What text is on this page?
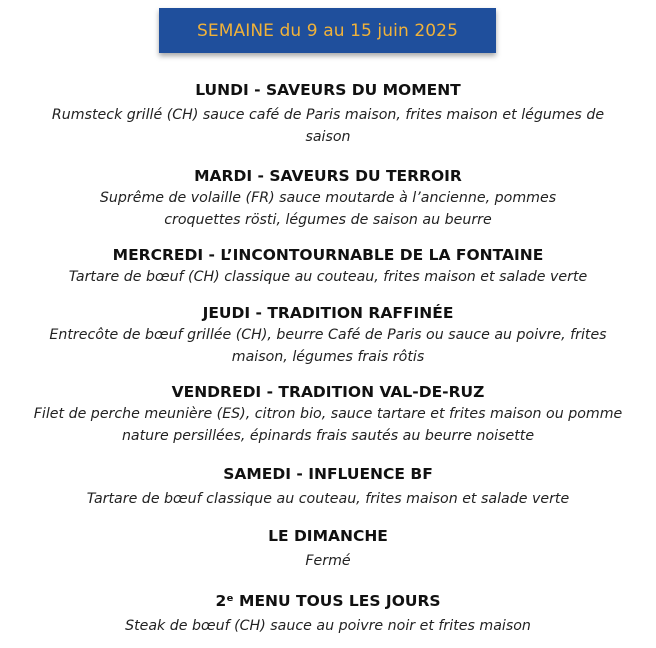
SEMAINE du 9 au 15 juin 2025
LUNDI - SAVEURS DU MOMENT
Rumsteck grillé (CH) sauce café de Paris maison, frites maison et légumes de saison
MARDI - SAVEURS DU TERROIR
Suprême de volaille (FR) sauce moutarde à l’ancienne, pommes croquettes rösti, légumes de saison au beurre
MERCREDI - L’INCONTOURNABLE DE LA FONTAINE
Tartare de bœuf (CH) classique au couteau, frites maison et salade verte
JEUDI - TRADITION RAFFINÉE
Entrecôte de bœuf grillée (CH), beurre Café de Paris ou sauce au poivre, frites maison, légumes frais rôtis
VENDREDI - TRADITION VAL-DE-RUZ
Filet de perche meunière (ES), citron bio, sauce tartare et frites maison ou pomme nature persillées, épinards frais sautés au beurre noisette
SAMEDI - INFLUENCE BF
Tartare de bœuf classique au couteau, frites maison et salade verte
LE DIMANCHE
Fermé
2ᵉ MENU TOUS LES JOURS
Steak de bœuf (CH) sauce au poivre noir et frites maison
